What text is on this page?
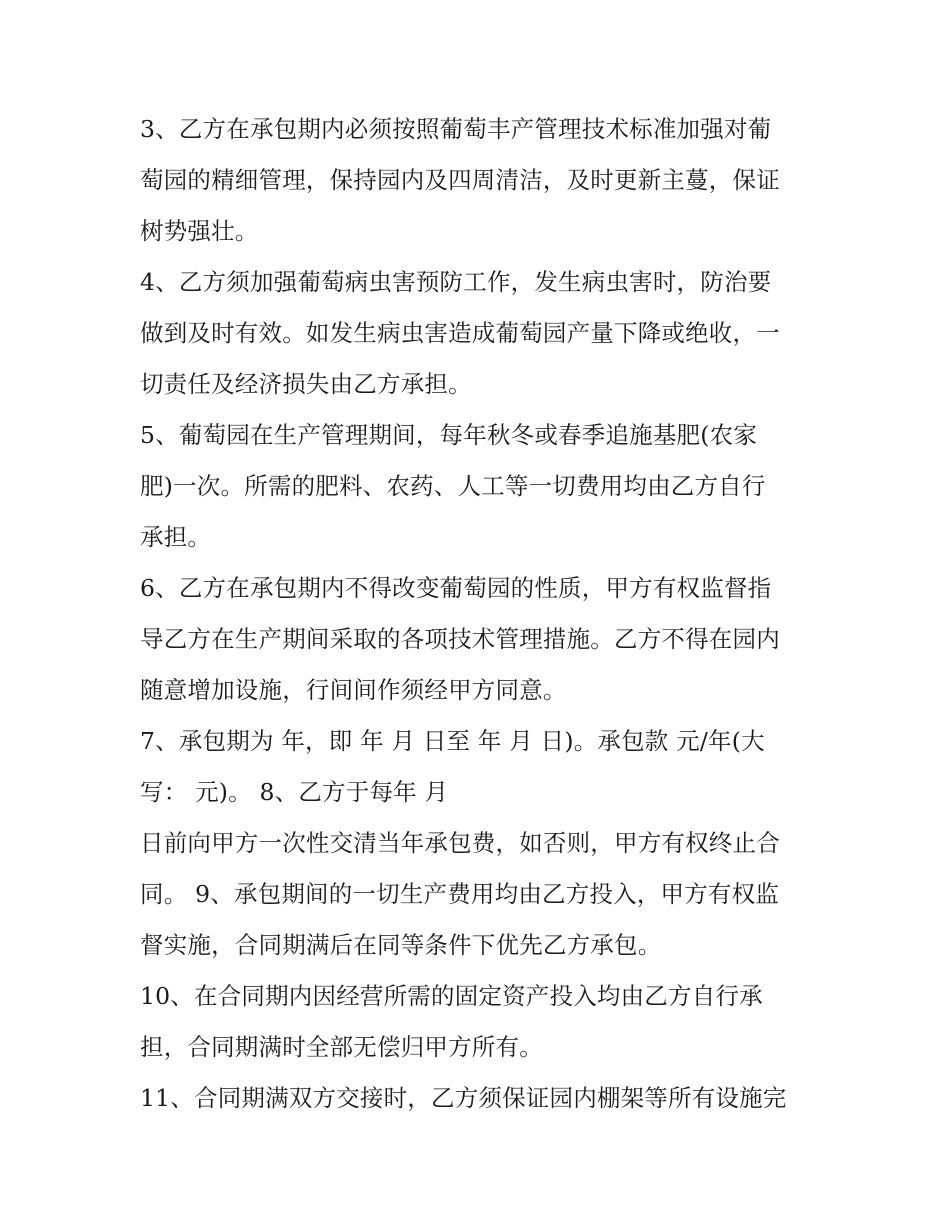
3、乙方在承包期内必须按照葡萄丰产管理技术标准加强对葡
萄园的精细管理，保持园内及四周清洁，及时更新主蔓，保证
树势强壮。
4、乙方须加强葡萄病虫害预防工作，发生病虫害时，防治要
做到及时有效。如发生病虫害造成葡萄园产量下降或绝收，一
切责任及经济损失由乙方承担。
5、葡萄园在生产管理期间，每年秋冬或春季追施基肥(农家
肥)一次。所需的肥料、农药、人工等一切费用均由乙方自行
承担。
6、乙方在承包期内不得改变葡萄园的性质，甲方有权监督指
导乙方在生产期间采取的各项技术管理措施。乙方不得在园内
随意增加设施，行间间作须经甲方同意。
7、承包期为 年，即 年 月 日至 年 月 日)。承包款 元/年(大
写： 元)。 8、乙方于每年 月
日前向甲方一次性交清当年承包费，如否则，甲方有权终止合
同。 9、承包期间的一切生产费用均由乙方投入，甲方有权监
督实施，合同期满后在同等条件下优先乙方承包。
10、在合同期内因经营所需的固定资产投入均由乙方自行承
担，合同期满时全部无偿归甲方所有。
11、合同期满双方交接时，乙方须保证园内棚架等所有设施完
